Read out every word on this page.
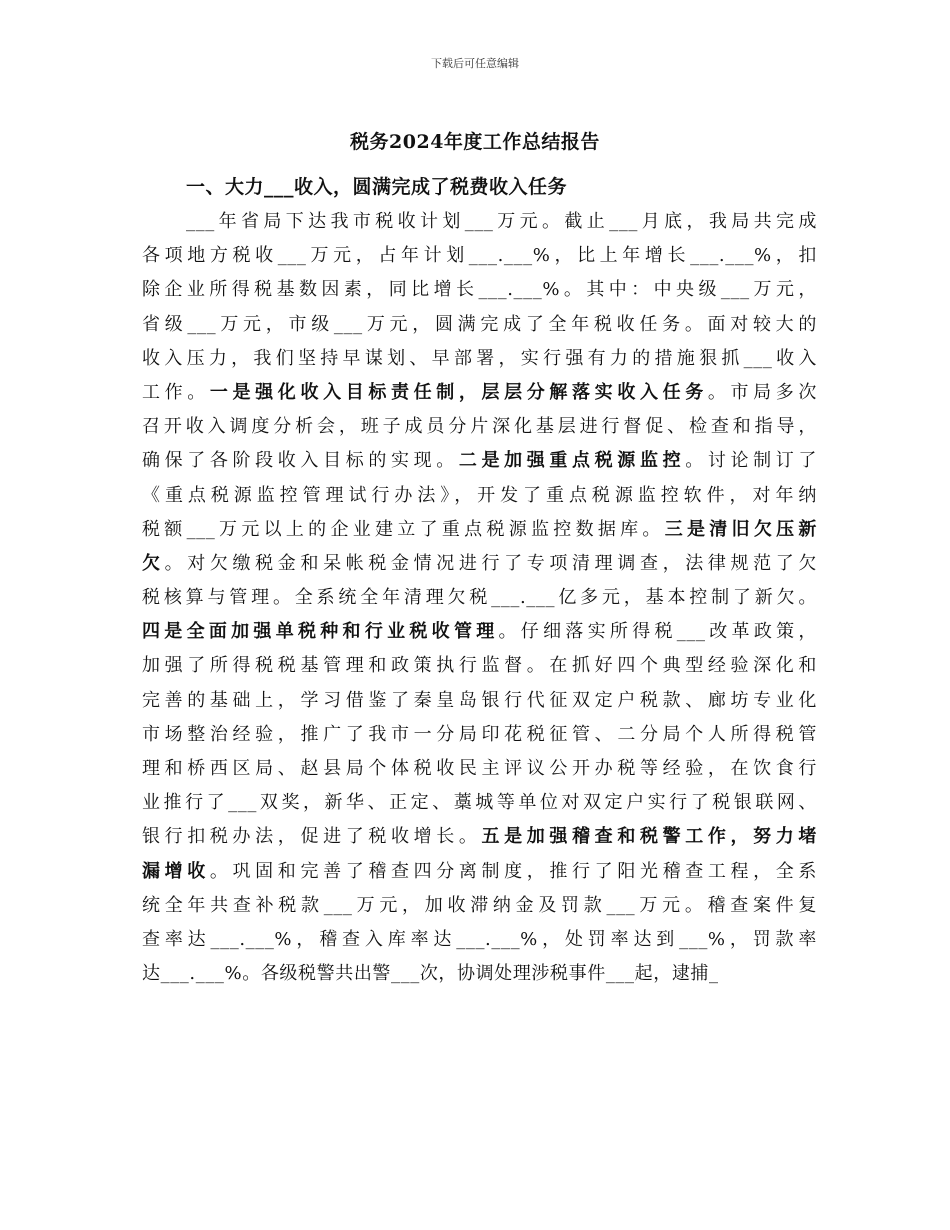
下载后可任意编辑
税务2024年度工作总结报告
一、大力___收入，圆满完成了税费收入任务
___年省局下达我市税收计划___万元。截止___月底，我局共完成
各项地方税收___万元，占年计划___.___%，比上年增长___.___%，扣
除企业所得税基数因素，同比增长___.___%。其中：中央级___万元，
省级___万元，市级___万元，圆满完成了全年税收任务。面对较大的
收入压力，我们坚持早谋划、早部署，实行强有力的措施狠抓___收入
工作。一是强化收入目标责任制，层层分解落实收入任务。市局多次
召开收入调度分析会，班子成员分片深化基层进行督促、检查和指导，
确保了各阶段收入目标的实现。二是加强重点税源监控。讨论制订了
《重点税源监控管理试行办法》，开发了重点税源监控软件，对年纳
税额___万元以上的企业建立了重点税源监控数据库。三是清旧欠压新
欠。对欠缴税金和呆帐税金情况进行了专项清理调查，法律规范了欠
税核算与管理。全系统全年清理欠税___.___亿多元，基本控制了新欠。
四是全面加强单税种和行业税收管理。仔细落实所得税___改革政策，
加强了所得税税基管理和政策执行监督。在抓好四个典型经验深化和
完善的基础上，学习借鉴了秦皇岛银行代征双定户税款、廊坊专业化
市场整治经验，推广了我市一分局印花税征管、二分局个人所得税管
理和桥西区局、赵县局个体税收民主评议公开办税等经验，在饮食行
业推行了___双奖，新华、正定、藁城等单位对双定户实行了税银联网、
银行扣税办法，促进了税收增长。五是加强稽查和税警工作，努力堵
漏增收。巩固和完善了稽查四分离制度，推行了阳光稽查工程，全系
统全年共查补税款___万元，加收滞纳金及罚款___万元。稽查案件复
查率达___.___%，稽查入库率达___.___%，处罚率达到___%，罚款率
达___.___%。各级税警共出警___次，协调处理涉税事件___起，逮捕_
